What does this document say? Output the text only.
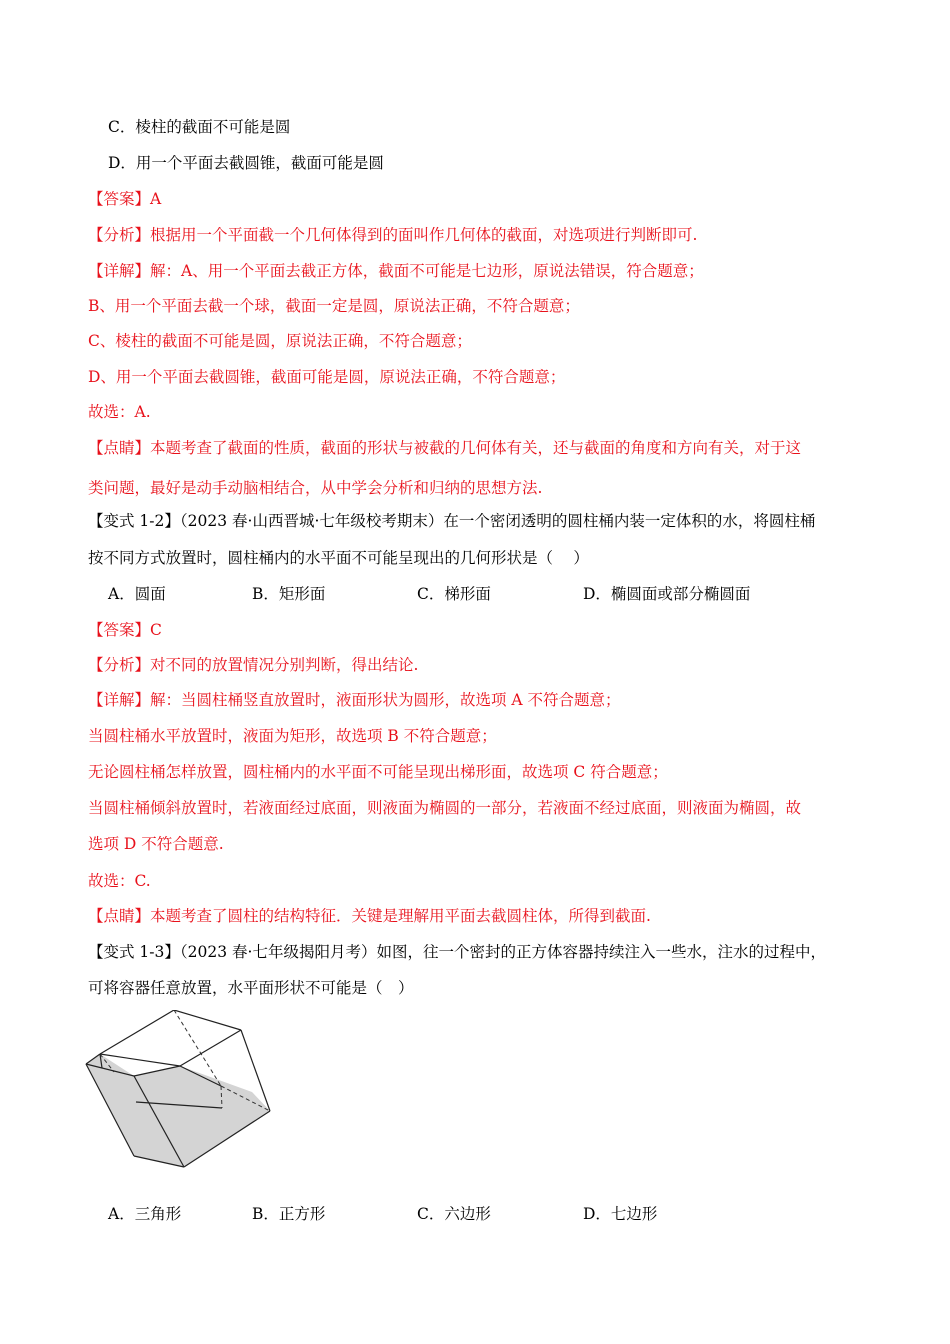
C．棱柱的截面不可能是圆
D．用一个平面去截圆锥，截面可能是圆
【答案】A
【分析】根据用一个平面截一个几何体得到的面叫作几何体的截面，对选项进行判断即可.
【详解】解：A、用一个平面去截正方体，截面不可能是七边形，原说法错误，符合题意；
B、用一个平面去截一个球，截面一定是圆，原说法正确，不符合题意；
C、棱柱的截面不可能是圆，原说法正确，不符合题意；
D、用一个平面去截圆锥，截面可能是圆，原说法正确，不符合题意；
故选：A.
【点睛】本题考查了截面的性质，截面的形状与被截的几何体有关，还与截面的角度和方向有关，对于这
类问题，最好是动手动脑相结合，从中学会分析和归纳的思想方法.
【变式 1-2】（2023 春·山西晋城·七年级校考期末）在一个密闭透明的圆柱桶内装一定体积的水，将圆柱桶
按不同方式放置时，圆柱桶内的水平面不可能呈现出的几何形状是（　 ）
A．圆面	B．矩形面	C．梯形面	D．椭圆面或部分椭圆面
【答案】C
【分析】对不同的放置情况分别判断，得出结论.
【详解】解：当圆柱桶竖直放置时，液面形状为圆形，故选项 A 不符合题意；
当圆柱桶水平放置时，液面为矩形，故选项 B 不符合题意；
无论圆柱桶怎样放置，圆柱桶内的水平面不可能呈现出梯形面，故选项 C 符合题意；
当圆柱桶倾斜放置时，若液面经过底面，则液面为椭圆的一部分，若液面不经过底面，则液面为椭圆，故
选项 D 不符合题意.
故选：C.
【点睛】本题考查了圆柱的结构特征．关键是理解用平面去截圆柱体，所得到截面.
【变式 1-3】（2023 春·七年级揭阳月考）如图，往一个密封的正方体容器持续注入一些水，注水的过程中，
可将容器任意放置，水平面形状不可能是（　）
A．三角形	B．正方形	C．六边形	D．七边形
